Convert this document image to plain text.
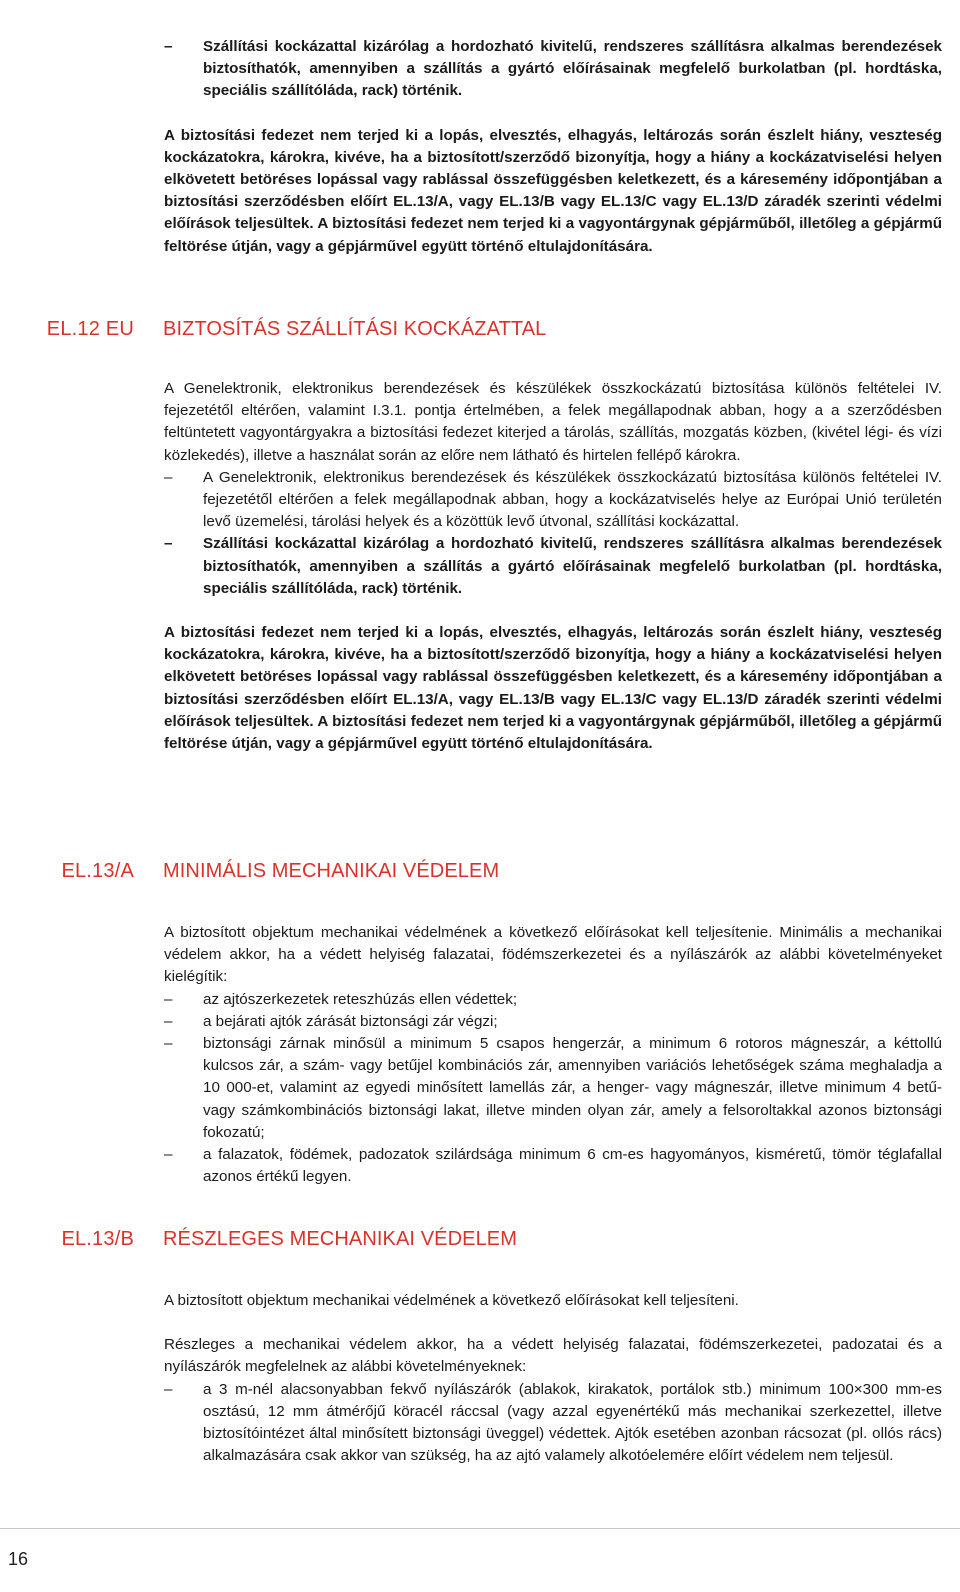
– Szállítási kockázattal kizárólag a hordozható kivitelű, rendszeres szállításra alkalmas berendezések biztosíthatók, amennyiben a szállítás a gyártó előírásainak megfelelő burkolatban (pl. hordtáska, speciális szállítóláda, rack) történik.

A biztosítási fedezet nem terjed ki a lopás, elvesztés, elhagyás, leltározás során észlelt hiány, veszteség kockázatokra, károkra, kivéve, ha a biztosított/szerződő bizonyítja, hogy a hiány a kockázatviselési helyen elkövetett betöréses lopással vagy rablással összefüggésben keletkezett, és a káresemény időpontjában a biztosítási szerződésben előírt EL.13/A, vagy EL.13/B vagy EL.13/C vagy EL.13/D záradék szerinti védelmi előírások teljesültek. A biztosítási fedezet nem terjed ki a vagyontárgynak gépjárműből, illetőleg a gépjármű feltörése útján, vagy a gépjárművel együtt történő eltulajdonítására.

EL.12 EU BIZTOSÍTÁS SZÁLLÍTÁSI KOCKÁZATTAL

A Genelektronik, elektronikus berendezések és készülékek összkockázatú biztosítása különös feltételei IV. fejezetétől eltérően, valamint I.3.1. pontja értelmében, a felek megállapodnak abban, hogy a a szerződésben feltüntetett vagyontárgyakra a biztosítási fedezet kiterjed a tárolás, szállítás, mozgatás közben, (kivétel légi- és vízi közlekedés), illetve a használat során az előre nem látható és hirtelen fellépő károkra.

– A Genelektronik, elektronikus berendezések és készülékek összkockázatú biztosítása különös feltételei IV. fejezetétől eltérően a felek megállapodnak abban, hogy a kockázatviselés helye az Európai Unió területén levő üzemelési, tárolási helyek és a közöttük levő útvonal, szállítási kockázattal.
– Szállítási kockázattal kizárólag a hordozható kivitelű, rendszeres szállításra alkalmas berendezések biztosíthatók, amennyiben a szállítás a gyártó előírásainak megfelelő burkolatban (pl. hordtáska, speciális szállítóláda, rack) történik.

A biztosítási fedezet nem terjed ki a lopás, elvesztés, elhagyás, leltározás során észlelt hiány, veszteség kockázatokra, károkra, kivéve, ha a biztosított/szerződő bizonyítja, hogy a hiány a kockázatviselési helyen elkövetett betöréses lopással vagy rablással összefüggésben keletkezett, és a káresemény időpontjában a biztosítási szerződésben előírt EL.13/A, vagy EL.13/B vagy EL.13/C vagy EL.13/D záradék szerinti védelmi előírások teljesültek. A biztosítási fedezet nem terjed ki a vagyontárgynak gépjárműből, illetőleg a gépjármű feltörése útján, vagy a gépjárművel együtt történő eltulajdonítására.

EL.13/A MINIMÁLIS MECHANIKAI VÉDELEM

A biztosított objektum mechanikai védelmének a következő előírásokat kell teljesítenie. Minimális a mechanikai védelem akkor, ha a védett helyiség falazatai, födémszerkezetei és a nyílászárók az alábbi követelményeket kielégítik:

– az ajtószerkezetek reteszhúzás ellen védettek;
– a bejárati ajtók zárását biztonsági zár végzi;
– biztonsági zárnak minősül a minimum 5 csapos hengerzár, a minimum 6 rotoros mágneszár, a kéttollú kulcsos zár, a szám- vagy betűjel kombinációs zár, amennyiben variációs lehetőségek száma meghaladja a 10 000-et, valamint az egyedi minősített lamellás zár, a henger- vagy mágneszár, illetve minimum 4 betű- vagy számkombinációs biztonsági lakat, illetve minden olyan zár, amely a felsoroltakkal azonos biztonsági fokozatú;
– a falazatok, födémek, padozatok szilárdsága minimum 6 cm-es hagyományos, kisméretű, tömör téglafallal azonos értékű legyen.
EL.13/B RÉSZLEGES MECHANIKAI VÉDELEM

A biztosított objektum mechanikai védelmének a következő előírásokat kell teljesíteni.

Részleges a mechanikai védelem akkor, ha a védett helyiség falazatai, födémszerkezetei, padozatai és a nyílászárók megfelelnek az alábbi követelményeknek:

– a 3 m-nél alacsonyabban fekvő nyílászárók (ablakok, kirakatok, portálok stb.) minimum 100×300 mm-es osztású, 12 mm átmérőjű köracél ráccsal (vagy azzal egyenértékű más mechanikai szerkezettel, illetve biztosítóintézet által minősített biztonsági üveggel) védettek. Ajtók esetében azonban rácsozat (pl. ollós rács) alkalmazására csak akkor van szükség, ha az ajtó valamely alkotóelemére előírt védelem nem teljesül.
16
